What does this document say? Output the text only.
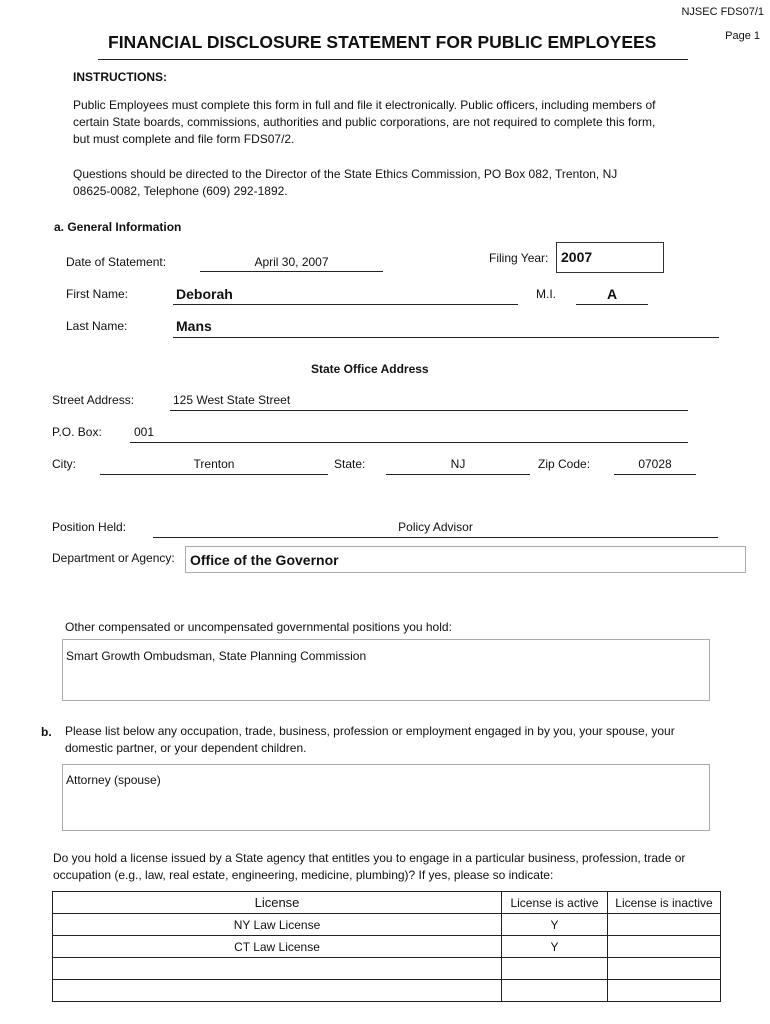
NJSEC FDS07/1
Page 1
FINANCIAL DISCLOSURE STATEMENT FOR PUBLIC EMPLOYEES
INSTRUCTIONS:
Public Employees must complete this form in full and file it electronically. Public officers, including members of
certain State boards, commissions, authorities and public corporations, are not required to complete this form,
but must complete and file form FDS07/2.
Questions should be directed to the Director of the State Ethics Commission, PO Box 082, Trenton, NJ
08625-0082, Telephone (609) 292-1892.
a. General Information
Date of Statement:	April 30, 2007	Filing Year: 2007
First Name:	Deborah	M.I.	A
Last Name:	Mans
State Office Address
Street Address:	125 West State Street
P.O. Box:	001
City:	Trenton	State:	NJ	Zip Code:	07028
Position Held:	Policy Advisor
Department or Agency:	Office of the Governor
Other compensated or uncompensated governmental positions you hold:
Smart Growth Ombudsman, State Planning Commission
b. Please list below any occupation, trade, business, profession or employment engaged in by you, your spouse, your
domestic partner, or your dependent children.
Attorney (spouse)
Do you hold a license issued by a State agency that entitles you to engage in a particular business, profession, trade or
occupation (e.g., law, real estate, engineering, medicine, plumbing)? If yes, please so indicate:
License	License is active	License is inactive
NY Law License	Y	
CT Law License	Y	
